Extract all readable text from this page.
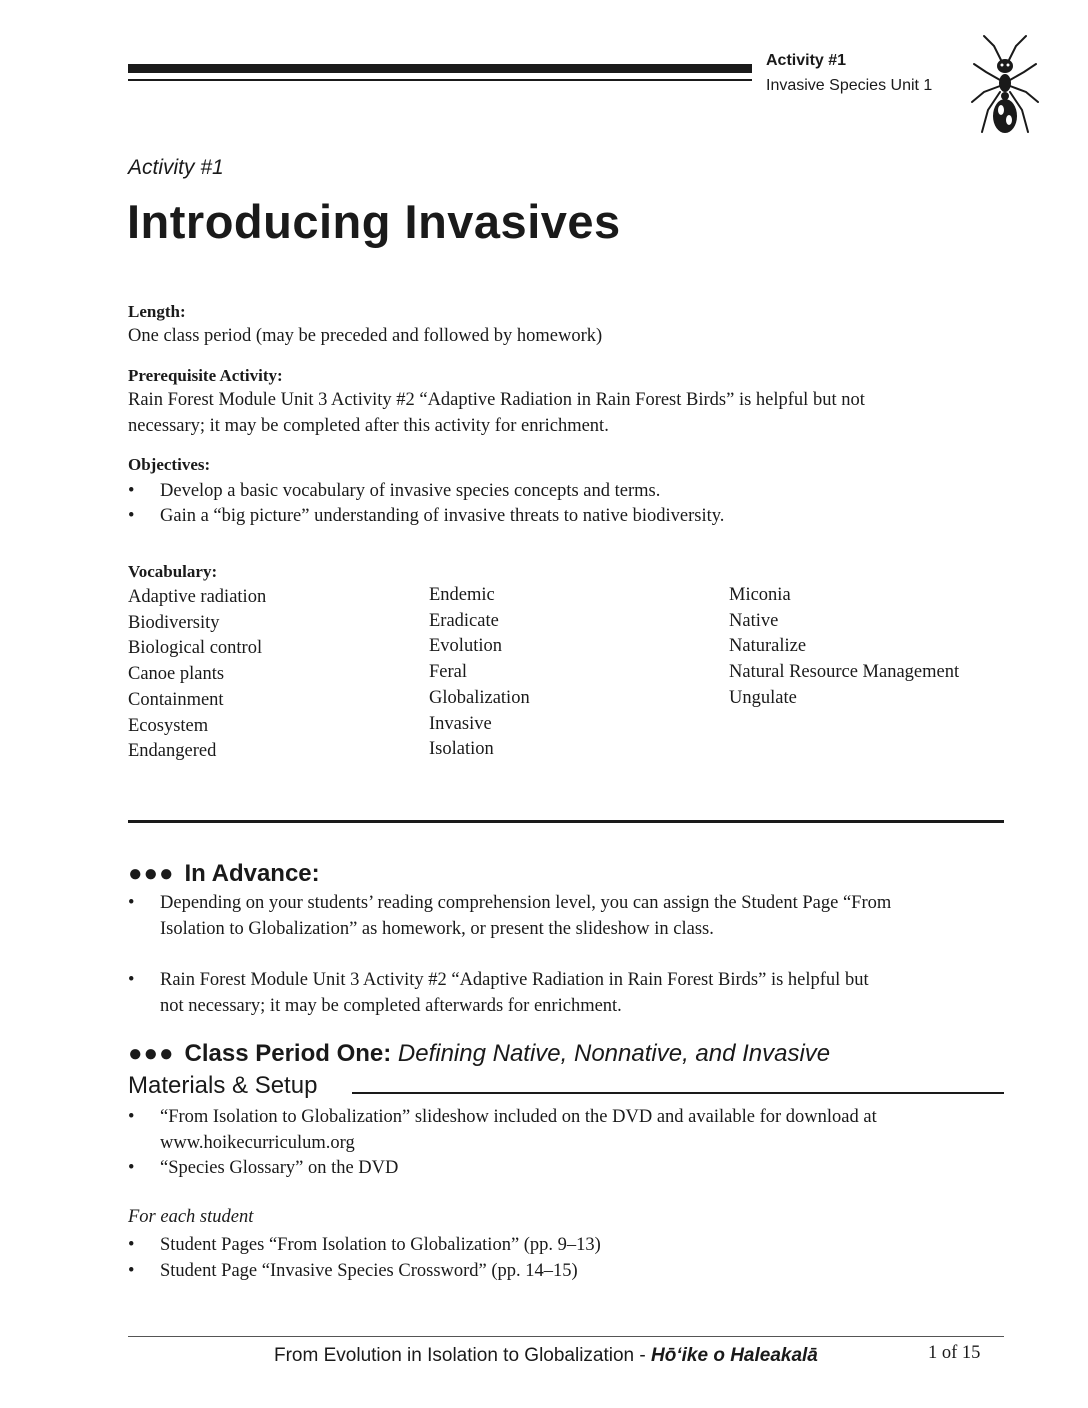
Activity #1
Invasive Species Unit 1
Activity #1
Introducing Invasives
Length:
One class period (may be preceded and followed by homework)
Prerequisite Activity:
Rain Forest Module Unit 3 Activity #2 “Adaptive Radiation in Rain Forest Birds” is helpful but not
necessary; it may be completed after this activity for enrichment.
Objectives:
• Develop a basic vocabulary of invasive species concepts and terms.
• Gain a “big picture” understanding of invasive threats to native biodiversity.
Vocabulary:
Adaptive radiation
Biodiversity
Biological control
Canoe plants
Containment
Ecosystem
Endangered
Endemic
Eradicate
Evolution
Feral
Globalization
Invasive
Isolation
Miconia
Native
Naturalize
Natural Resource Management
Ungulate
●●● In Advance:
• Depending on your students’ reading comprehension level, you can assign the Student Page “From
Isolation to Globalization” as homework, or present the slideshow in class.
• Rain Forest Module Unit 3 Activity #2 “Adaptive Radiation in Rain Forest Birds” is helpful but
not necessary; it may be completed afterwards for enrichment.
●●● Class Period One: Defining Native, Nonnative, and Invasive
Materials & Setup
• “From Isolation to Globalization” slideshow included on the DVD and available for download at
www.hoikecurriculum.org
• “Species Glossary” on the DVD
For each student
• Student Pages “From Isolation to Globalization” (pp. 9–13)
• Student Page “Invasive Species Crossword” (pp. 14–15)
From Evolution in Isolation to Globalization - Hō‘ike o Haleakalā	1 of 15
